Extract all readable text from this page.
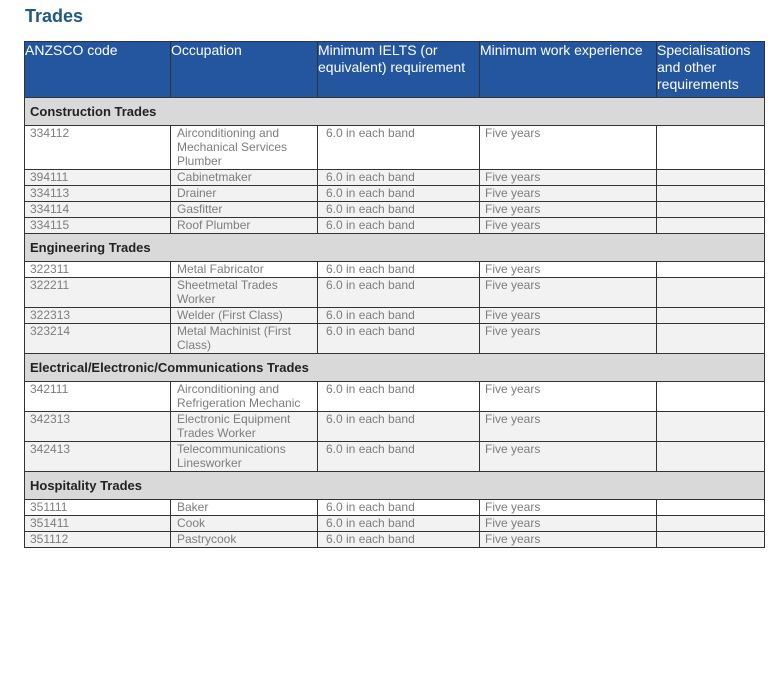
Trades
ANZSCO code	Occupation	Minimum IELTS (or equivalent) requirement	Minimum work experience	Specialisations and other requirements
Construction Trades				
334112	Airconditioning and Mechanical Services Plumber	6.0 in each band	Five years	
394111	Cabinetmaker	6.0 in each band	Five years	
334113	Drainer	6.0 in each band	Five years	
334114	Gasfitter	6.0 in each band	Five years	
334115	Roof Plumber	6.0 in each band	Five years	
Engineering Trades				
322311	Metal Fabricator	6.0 in each band	Five years	
322211	Sheetmetal Trades Worker	6.0 in each band	Five years	
322313	Welder (First Class)	6.0 in each band	Five years	
323214	Metal Machinist (First Class)	6.0 in each band	Five years	
Electrical/Electronic/Communications Trades				
342111	Airconditioning and Refrigeration Mechanic	6.0 in each band	Five years	
342313	Electronic Equipment Trades Worker	6.0 in each band	Five years	
342413	Telecommunications Linesworker	6.0 in each band	Five years	
Hospitality Trades				
351111	Baker	6.0 in each band	Five years	
351411	Cook	6.0 in each band	Five years	
351112	Pastrycook	6.0 in each band	Five years	
